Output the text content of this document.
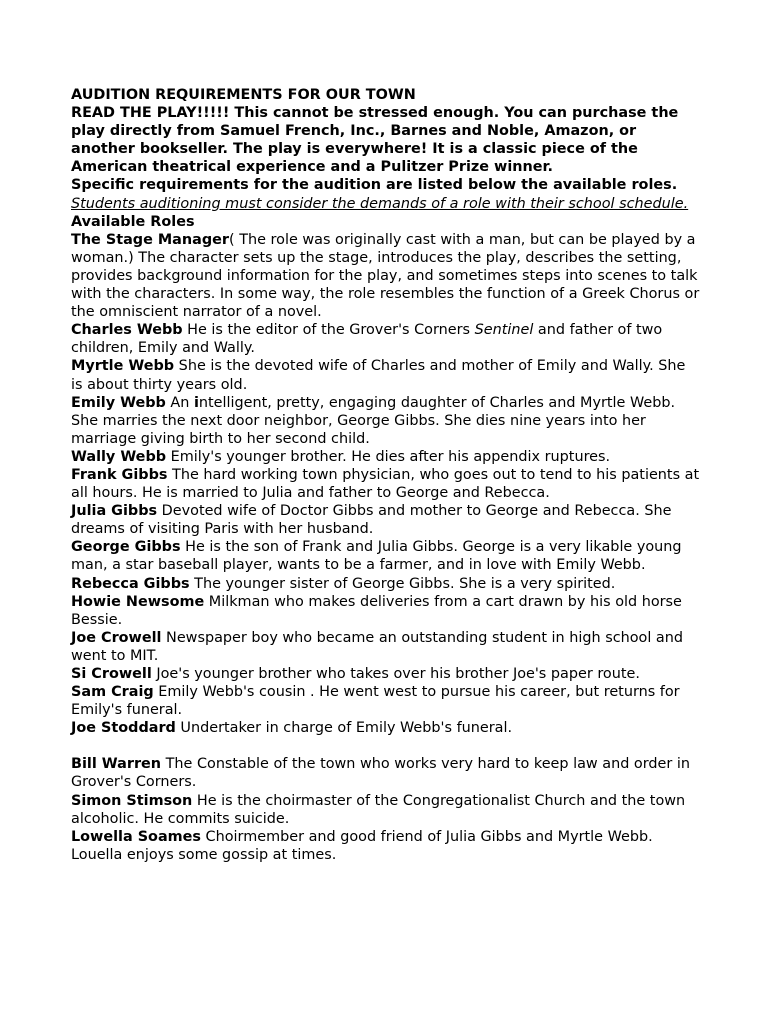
AUDITION REQUIREMENTS FOR OUR TOWN

READ THE PLAY!!!!! This cannot be stressed enough. You can purchase the play directly from Samuel French, Inc., Barnes and Noble, Amazon, or another bookseller. The play is everywhere! It is a classic piece of the American theatrical experience and a Pulitzer Prize winner.

Specific requirements for the audition are listed below the available roles.

Students auditioning must consider the demands of a role with their school schedule.

Available Roles

The Stage Manager( The role was originally cast with a man, but can be played by a woman.) The character sets up the stage, introduces the play, describes the setting, provides background information for the play, and sometimes steps into scenes to talk with the characters. In some way, the role resembles the function of a Greek Chorus or the omniscient narrator of a novel.

Charles Webb He is the editor of the Grover's Corners Sentinel and father of two children, Emily and Wally.

Myrtle Webb She is the devoted wife of Charles and mother of Emily and Wally. She is about thirty years old.

Emily Webb An intelligent, pretty, engaging daughter of Charles and Myrtle Webb. She marries the next door neighbor, George Gibbs. She dies nine years into her marriage giving birth to her second child.

Wally Webb Emily's younger brother. He dies after his appendix ruptures.

Frank Gibbs The hard working town physician, who goes out to tend to his patients at all hours. He is married to Julia and father to George and Rebecca.

Julia Gibbs Devoted wife of Doctor Gibbs and mother to George and Rebecca. She dreams of visiting Paris with her husband.

George Gibbs He is the son of Frank and Julia Gibbs. George is a very likable young man, a star baseball player, wants to be a farmer, and in love with Emily Webb.

Rebecca Gibbs The younger sister of George Gibbs. She is a very spirited.

Howie Newsome Milkman who makes deliveries from a cart drawn by his old horse Bessie.

Joe Crowell Newspaper boy who became an outstanding student in high school and went to MIT.

Si Crowell Joe's younger brother who takes over his brother Joe's paper route.

Sam Craig Emily Webb's cousin . He went west to pursue his career, but returns for Emily's funeral.

Joe Stoddard Undertaker in charge of Emily Webb's funeral.

Bill Warren The Constable of the town who works very hard to keep law and order in Grover's Corners.

Simon Stimson He is the choirmaster of the Congregationalist Church and the town alcoholic. He commits suicide.

Lowella Soames Choirmember and good friend of Julia Gibbs and Myrtle Webb. Louella enjoys some gossip at times.
